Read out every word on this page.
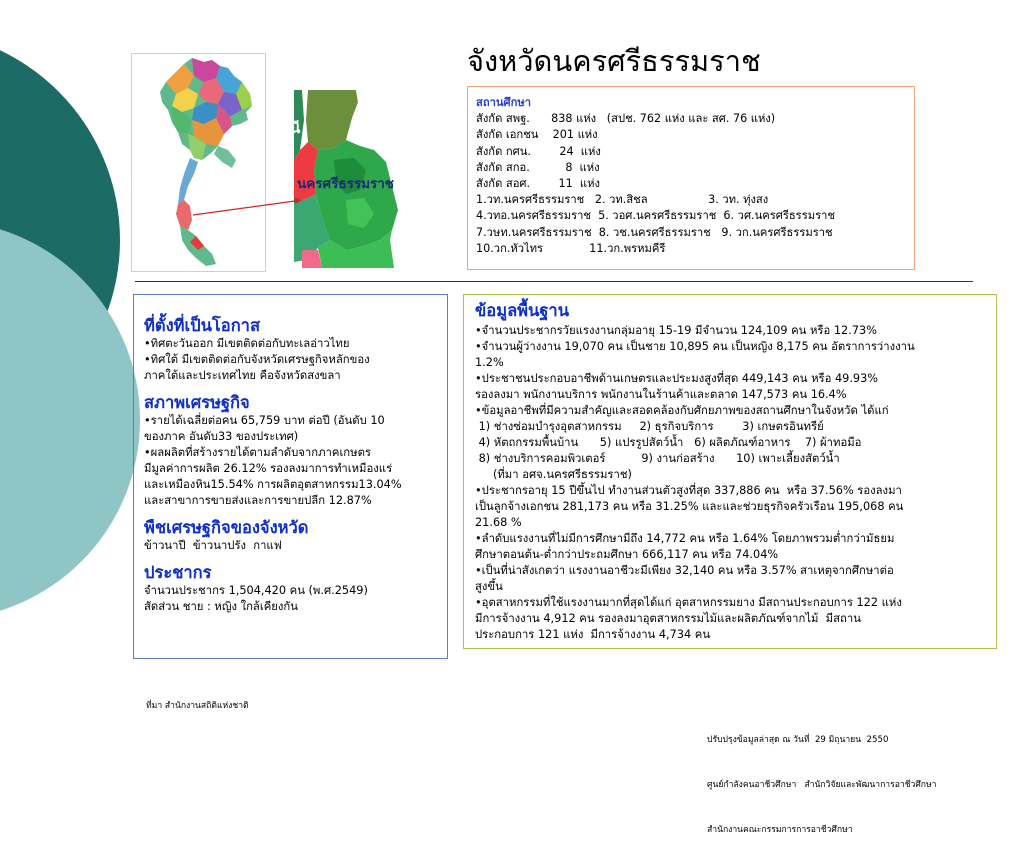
จังหวัดนครศรีธรรมราช
นี
นครศรีธรรมราช
สถานศึกษา
สังกัด สพฐ.      838 แห่ง   (สปช. 762 แห่ง และ สศ. 76 แห่ง)
สังกัด เอกชน    201 แห่ง
สังกัด กศน.        24  แห่ง
สังกัด สกอ.          8  แห่ง
สังกัด สอศ.        11  แห่ง
1.วท.นครศรีธรรมราช   2. วท.สิชล                 3. วท. ทุ่งสง
4.วทอ.นครศรีธรรมราช  5. วอศ.นครศรีธรรมราช  6. วศ.นครศรีธรรมราช
7.วษท.นครศรีธรรมราช  8. วช.นครศรีธรรมราช   9. วก.นครศรีธรรมราช
10.วก.หัวไทร             11.วก.พรหมคีรี
ที่ตั้งที่เป็นโอกาส
•ทิศตะวันออก มีเขตติดต่อกับทะเลอ่าวไทย
•ทิศใต้ มีเขตติดต่อกับจังหวัดเศรษฐกิจหลักของ
ภาคใต้และประเทศไทย คือจังหวัดสงขลา
สภาพเศรษฐกิจ
•รายได้เฉลี่ยต่อคน 65,759 บาท ต่อปี (อันดับ 10
ของภาค อันดับ33 ของประเทศ)
•ผลผลิตที่สร้างรายได้ตามลำดับจากภาคเกษตร
มีมูลค่าการผลิต 26.12% รองลงมาการทำเหมืองแร่
และเหมืองหิน15.54% การผลิตอุตสาหกรรม13.04%
และสาขาการขายส่งและการขายปลีก 12.87%
พืชเศรษฐกิจของจังหวัด
ข้าวนาปี  ข้าวนาปรัง  กาแฟ
ประชากร
จำนวนประชากร 1,504,420 คน (พ.ศ.2549)
สัดส่วน ชาย : หญิง ใกล้เคียงกัน
ข้อมูลพื้นฐาน
•จำนวนประชากรวัยแรงงานกลุ่มอายุ 15-19 มีจำนวน 124,109 คน หรือ 12.73%
•จำนวนผู้ว่างงาน 19,070 คน เป็นชาย 10,895 คน เป็นหญิง 8,175 คน อัตราการว่างงาน
1.2%
•ประชาชนประกอบอาชีพด้านเกษตรและประมงสูงที่สุด 449,143 คน หรือ 49.93%
รองลงมา พนักงานบริการ พนักงานในร้านค้าและตลาด 147,573 คน 16.4%
•ข้อมูลอาชีพที่มีความสำคัญและสอดคล้องกับศักยภาพของสถานศึกษาในจังหวัด ได้แก่
1) ช่างซ่อมบำรุงอุตสาหกรรม     2) ธุรกิจบริการ        3) เกษตรอินทรีย์
4) หัตถกรรมพื้นบ้าน      5) แปรรูปสัตว์น้ำ   6) ผลิตภัณฑ์อาหาร    7) ผ้าทอมือ
8) ช่างบริการคอมพิวเตอร์          9) งานก่อสร้าง      10) เพาะเลี้ยงสัตว์น้ำ
(ที่มา อศจ.นครศรีธรรมราช)
•ประชากรอายุ 15 ปีขึ้นไป ทำงานส่วนตัวสูงที่สุด 337,886 คน  หรือ 37.56% รองลงมา
เป็นลูกจ้างเอกชน 281,173 คน หรือ 31.25% และและช่วยธุรกิจครัวเรือน 195,068 คน
21.68 %
•ลำดับแรงงานที่ไม่มีการศึกษามีถึง 14,772 คน หรือ 1.64% โดยภาพรวมต่ำกว่ามัธยม
ศึกษาตอนต้น-ต่ำกว่าประถมศึกษา 666,117 คน หรือ 74.04%
•เป็นที่น่าสังเกตว่า แรงงานอาชีวะมีเพียง 32,140 คน หรือ 3.57% สาเหตุจากศึกษาต่อ
สูงขึ้น
•อุตสาหกรรมที่ใช้แรงงานมากที่สุดได้แก่ อุตสาหกรรมยาง มีสถานประกอบการ 122 แห่ง
มีการจ้างงาน 4,912 คน รองลงมาอุตสาหกรรมไม้และผลิตภัณฑ์จากไม้  มีสถาน
ประกอบการ 121 แห่ง  มีการจ้างงาน 4,734 คน
ที่มา สำนักงานสถิติแห่งชาติ

ปรับปรุงข้อมูลล่าสุด ณ วันที่  29 มิถุนายน  2550

ศูนย์กำลังคนอาชีวศึกษา   สำนักวิจัยและพัฒนาการอาชีวศึกษา

สำนักงานคณะกรรมการการอาชีวศึกษา
